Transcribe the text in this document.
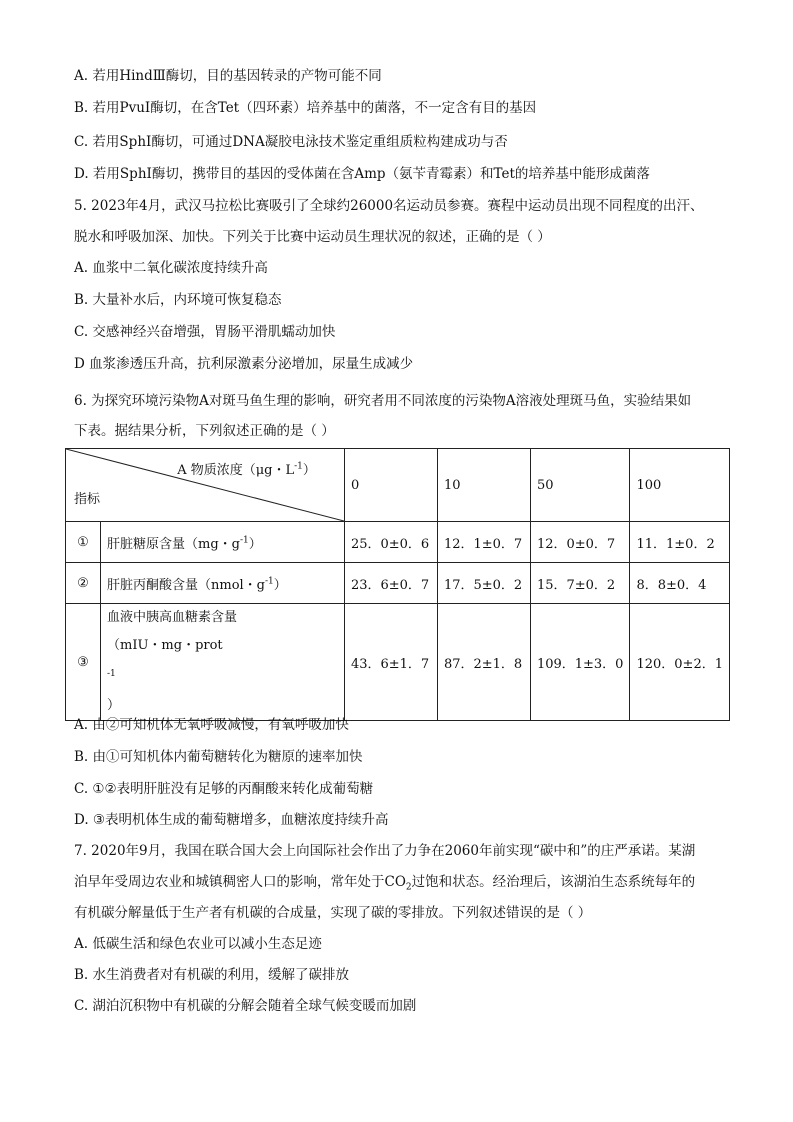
A. 若用HindⅢ酶切，目的基因转录的产物可能不同
B. 若用PvuⅠ酶切，在含Tet（四环素）培养基中的菌落，不一定含有目的基因
C. 若用SphⅠ酶切，可通过DNA凝胶电泳技术鉴定重组质粒构建成功与否
D. 若用SphⅠ酶切，携带目的基因的受体菌在含Amp（氨苄青霉素）和Tet的培养基中能形成菌落
5. 2023年4月，武汉马拉松比赛吸引了全球约26000名运动员参赛。赛程中运动员出现不同程度的出汗、
脱水和呼吸加深、加快。下列关于比赛中运动员生理状况的叙述，正确的是（ ）
A. 血浆中二氧化碳浓度持续升高
B. 大量补水后，内环境可恢复稳态
C. 交感神经兴奋增强，胃肠平滑肌蠕动加快
D 血浆渗透压升高，抗利尿激素分泌增加，尿量生成减少
6. 为探究环境污染物A对斑马鱼生理的影响，研究者用不同浓度的污染物A溶液处理斑马鱼，实验结果如
下表。据结果分析，下列叙述正确的是（ ）
A 物质浓度（μg・$L^{-1}$）
指标		0	10	50	100
①	肝脏糖原含量（mg・$g^{-1}$）	25．0±0．6	12．1±0．7	12．0±0．7	11．1±0．2
②	肝脏丙酮酸含量（nmol・$g^{-1}$）	23．6±0．7	17．5±0．2	15．7±0．2	8．8±0．4
③	血液中胰高血糖素含量
（mIU・mg・prot
$^{-1}$
）	43．6±1．7	87．2±1．8	109．1±3．0	120．0±2．1
A. 由②可知机体无氧呼吸减慢，有氧呼吸加快
B. 由①可知机体内葡萄糖转化为糖原的速率加快
C. ①②表明肝脏没有足够的丙酮酸来转化成葡萄糖
D. ③表明机体生成的葡萄糖增多，血糖浓度持续升高
7. 2020年9月，我国在联合国大会上向国际社会作出了力争在2060年前实现“碳中和”的庄严承诺。某湖
泊早年受周边农业和城镇稠密人口的影响，常年处于$CO_2$过饱和状态。经治理后，该湖泊生态系统每年的
有机碳分解量低于生产者有机碳的合成量，实现了碳的零排放。下列叙述错误的是（ ）
A. 低碳生活和绿色农业可以减小生态足迹
B. 水生消费者对有机碳的利用，缓解了碳排放
C. 湖泊沉积物中有机碳的分解会随着全球气候变暖而加剧
